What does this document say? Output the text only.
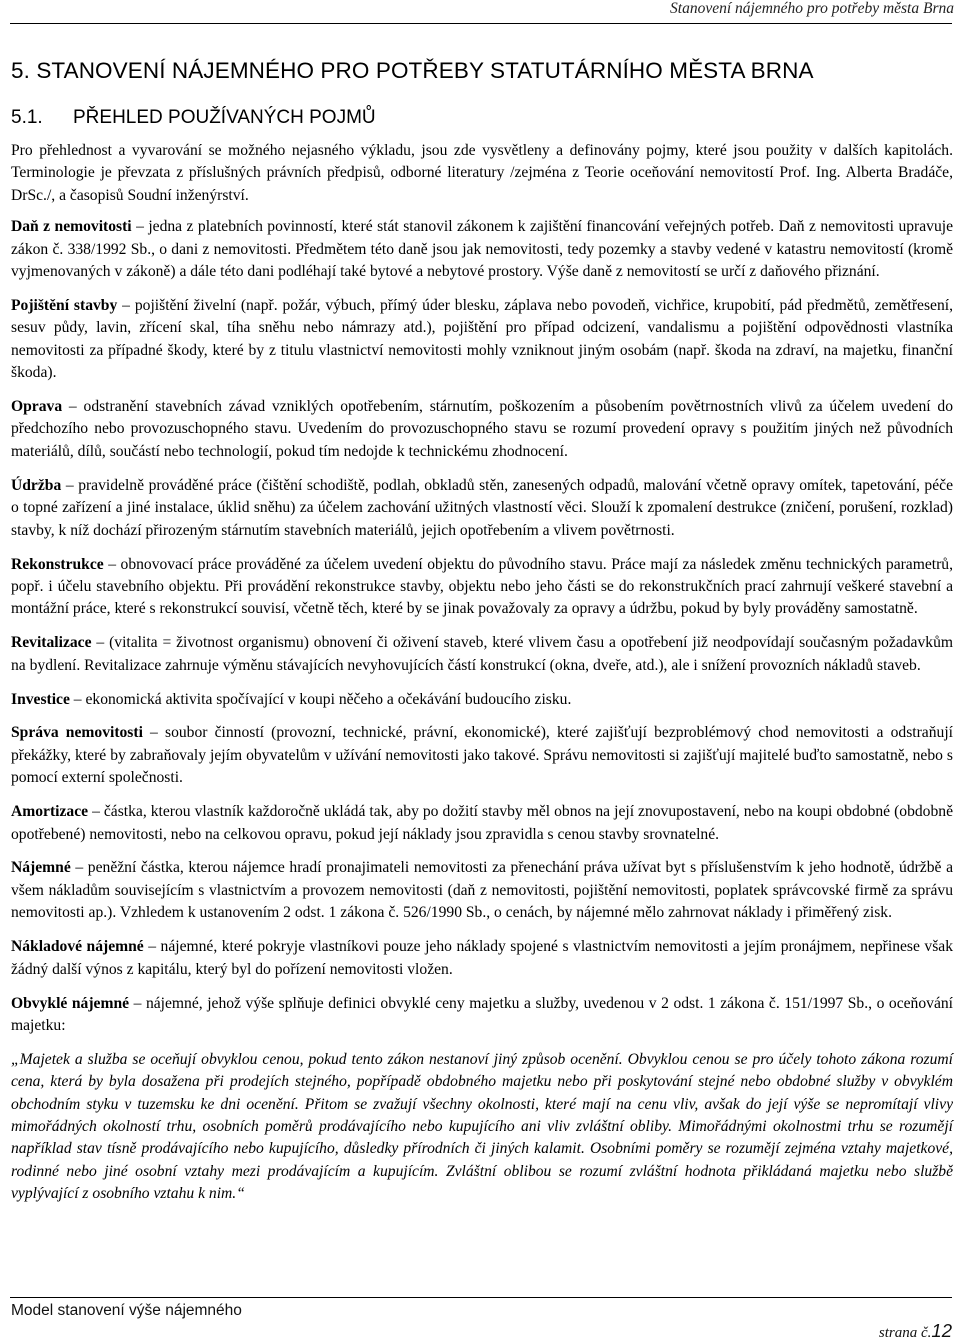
Stanovení nájemného pro potřeby města Brna
5. STANOVENÍ NÁJEMNÉHO PRO POTŘEBY STATUTÁRNÍHO MĚSTA BRNA
5.1. PŘEHLED POUŽÍVANÝCH POJMŮ

Pro přehlednost a vyvarování se možného nejasného výkladu, jsou zde vysvětleny a definovány pojmy, které jsou použity v dalších kapitolách. Terminologie je převzata z příslušných právních předpisů, odborné literatury /zejména z Teorie oceňování nemovitostí Prof. Ing. Alberta Bradáče, DrSc./, a časopisů Soudní inženýrství.

Daň z nemovitosti – jedna z platebních povinností, které stát stanovil zákonem k zajištění financování veřejných potřeb. Daň z nemovitosti upravuje zákon č. 338/1992 Sb., o dani z nemovitosti. Předmětem této daně jsou jak nemovitosti, tedy pozemky a stavby vedené v katastru nemovitostí (kromě vyjmenovaných v zákoně) a dále této dani podléhají také bytové a nebytové prostory. Výše daně z nemovitostí se určí z daňového přiznání.

Pojištění stavby – pojištění živelní (např. požár, výbuch, přímý úder blesku, záplava nebo povodeň, vichřice, krupobití, pád předmětů, zemětřesení, sesuv půdy, lavin, zřícení skal, tíha sněhu nebo námrazy atd.), pojištění pro případ odcizení, vandalismu a pojištění odpovědnosti vlastníka nemovitosti za případné škody, které by z titulu vlastnictví nemovitosti mohly vzniknout jiným osobám (např. škoda na zdraví, na majetku, finanční škoda).

Oprava – odstranění stavebních závad vzniklých opotřebením, stárnutím, poškozením a působením povětrnostních vlivů za účelem uvedení do předchozího nebo provozuschopného stavu. Uvedením do provozuschopného stavu se rozumí provedení opravy s použitím jiných než původních materiálů, dílů, součástí nebo technologií, pokud tím nedojde k technickému zhodnocení.

Údržba – pravidelně prováděné práce (čištění schodiště, podlah, obkladů stěn, zanesených odpadů, malování včetně opravy omítek, tapetování, péče o topné zařízení a jiné instalace, úklid sněhu) za účelem zachování užitných vlastností věci. Slouží k zpomalení destrukce (zničení, porušení, rozklad) stavby, k níž dochází přirozeným stárnutím stavebních materiálů, jejich opotřebením a vlivem povětrnosti.

Rekonstrukce – obnovovací práce prováděné za účelem uvedení objektu do původního stavu. Práce mají za následek změnu technických parametrů, popř. i účelu stavebního objektu. Při provádění rekonstrukce stavby, objektu nebo jeho části se do rekonstrukčních prací zahrnují veškeré stavební a montážní práce, které s rekonstrukcí souvisí, včetně těch, které by se jinak považovaly za opravy a údržbu, pokud by byly prováděny samostatně.

Revitalizace – (vitalita = životnost organismu) obnovení či oživení staveb, které vlivem času a opotřebení již neodpovídají současným požadavkům na bydlení. Revitalizace zahrnuje výměnu stávajících nevyhovujících částí konstrukcí (okna, dveře, atd.), ale i snížení provozních nákladů staveb.

Investice – ekonomická aktivita spočívající v koupi něčeho a očekávání budoucího zisku.

Správa nemovitosti – soubor činností (provozní, technické, právní, ekonomické), které zajišťují bezproblémový chod nemovitosti a odstraňují překážky, které by zabraňovaly jejím obyvatelům v užívání nemovitosti jako takové. Správu nemovitosti si zajišťují majitelé buďto samostatně, nebo s pomocí externí společnosti.

Amortizace – částka, kterou vlastník každoročně ukládá tak, aby po dožití stavby měl obnos na její znovupostavení, nebo na koupi obdobné (obdobně opotřebené) nemovitosti, nebo na celkovou opravu, pokud její náklady jsou zpravidla s cenou stavby srovnatelné.

Nájemné – peněžní částka, kterou nájemce hradí pronajimateli nemovitosti za přenechání práva užívat byt s příslušenstvím k jeho hodnotě, údržbě a všem nákladům souvisejícím s vlastnictvím a provozem nemovitosti (daň z nemovitosti, pojištění nemovitosti, poplatek správcovské firmě za správu nemovitosti ap.). Vzhledem k ustanovením 2 odst. 1 zákona č. 526/1990 Sb., o cenách, by nájemné mělo zahrnovat náklady i přiměřený zisk.

Nákladové nájemné – nájemné, které pokryje vlastníkovi pouze jeho náklady spojené s vlastnictvím nemovitosti a jejím pronájmem, nepřinese však žádný další výnos z kapitálu, který byl do pořízení nemovitosti vložen.

Obvyklé nájemné – nájemné, jehož výše splňuje definici obvyklé ceny majetku a služby, uvedenou v 2 odst. 1 zákona č. 151/1997 Sb., o oceňování majetku:

„Majetek a služba se oceňují obvyklou cenou, pokud tento zákon nestanoví jiný způsob ocenění. Obvyklou cenou se pro účely tohoto zákona rozumí cena, která by byla dosažena při prodejích stejného, popřípadě obdobného majetku nebo při poskytování stejné nebo obdobné služby v obvyklém obchodním styku v tuzemsku ke dni ocenění. Přitom se zvažují všechny okolnosti, které mají na cenu vliv, avšak do její výše se nepromítají vlivy mimořádných okolností trhu, osobních poměrů prodávajícího nebo kupujícího ani vliv zvláštní obliby. Mimořádnými okolnostmi trhu se rozumějí například stav tísně prodávajícího nebo kupujícího, důsledky přírodních či jiných kalamit. Osobními poměry se rozumějí zejména vztahy majetkové, rodinné nebo jiné osobní vztahy mezi prodávajícím a kupujícím. Zvláštní oblibou se rozumí zvláštní hodnota přikládaná majetku nebo službě vyplývající z osobního vztahu k nim.“

Model stanovení výše nájemného
strana č.12
